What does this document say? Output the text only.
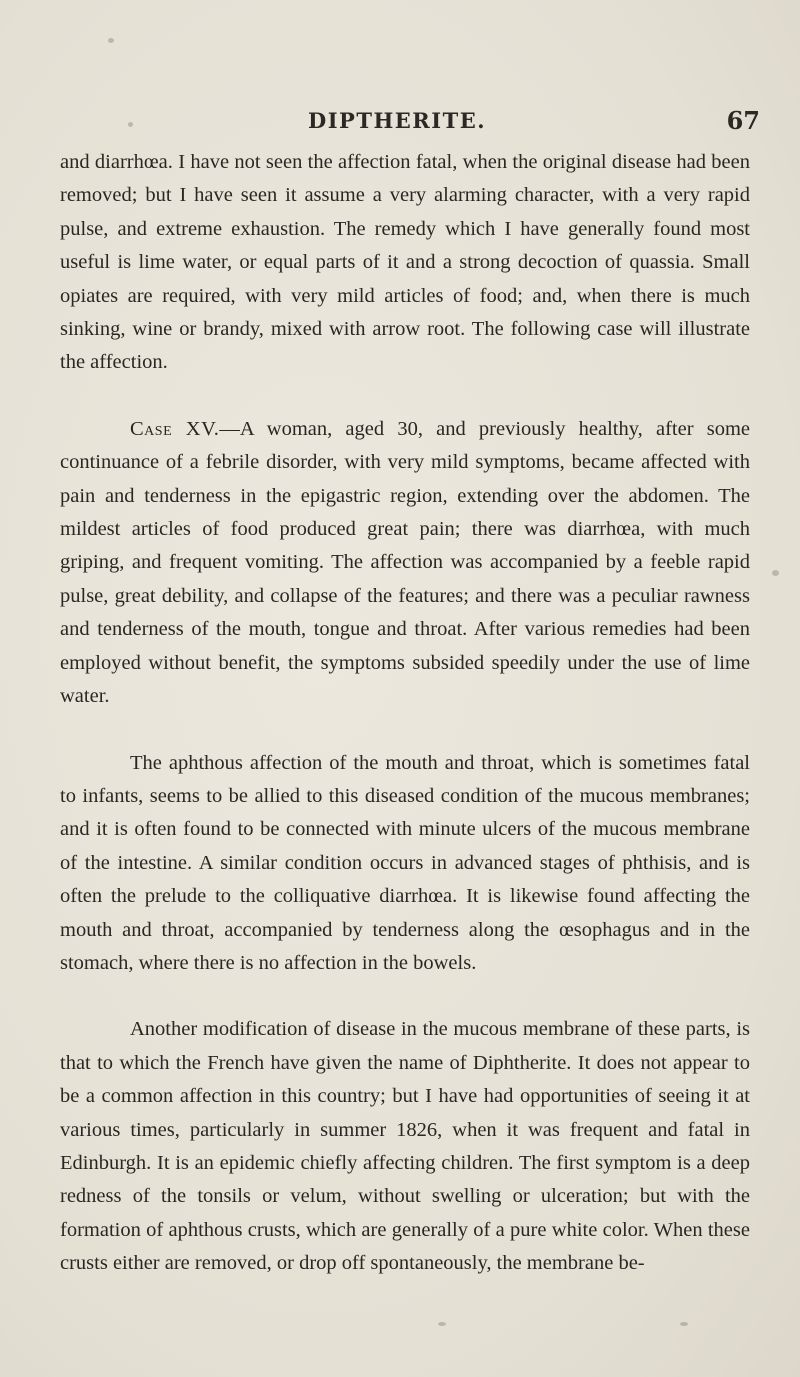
DIPTHERITE.	67

and diarrhœa. I have not seen the affection fatal, when the original disease had been removed; but I have seen it assume a very alarming character, with a very rapid pulse, and extreme exhaustion. The remedy which I have generally found most useful is lime water, or equal parts of it and a strong decoction of quassia. Small opiates are required, with very mild articles of food; and, when there is much sinking, wine or brandy, mixed with arrow root. The following case will illustrate the affection.

Case XV.—A woman, aged 30, and previously healthy, after some continuance of a febrile disorder, with very mild symptoms, became affected with pain and tenderness in the epigastric region, extending over the abdomen. The mildest articles of food produced great pain; there was diarrhœa, with much griping, and frequent vomiting. The affection was accompanied by a feeble rapid pulse, great debility, and collapse of the features; and there was a peculiar rawness and tenderness of the mouth, tongue and throat. After various remedies had been employed without benefit, the symptoms subsided speedily under the use of lime water.

The aphthous affection of the mouth and throat, which is sometimes fatal to infants, seems to be allied to this diseased condition of the mucous membranes; and it is often found to be connected with minute ulcers of the mucous membrane of the intestine. A similar condition occurs in advanced stages of phthisis, and is often the prelude to the colliquative diarrhœa. It is likewise found affecting the mouth and throat, accompanied by tenderness along the œsophagus and in the stomach, where there is no affection in the bowels.

Another modification of disease in the mucous membrane of these parts, is that to which the French have given the name of Diphtherite. It does not appear to be a common affection in this country; but I have had opportunities of seeing it at various times, particularly in summer 1826, when it was frequent and fatal in Edinburgh. It is an epidemic chiefly affecting children. The first symptom is a deep redness of the tonsils or velum, without swelling or ulceration; but with the formation of aphthous crusts, which are generally of a pure white color. When these crusts either are removed, or drop off spontaneously, the membrane be-
